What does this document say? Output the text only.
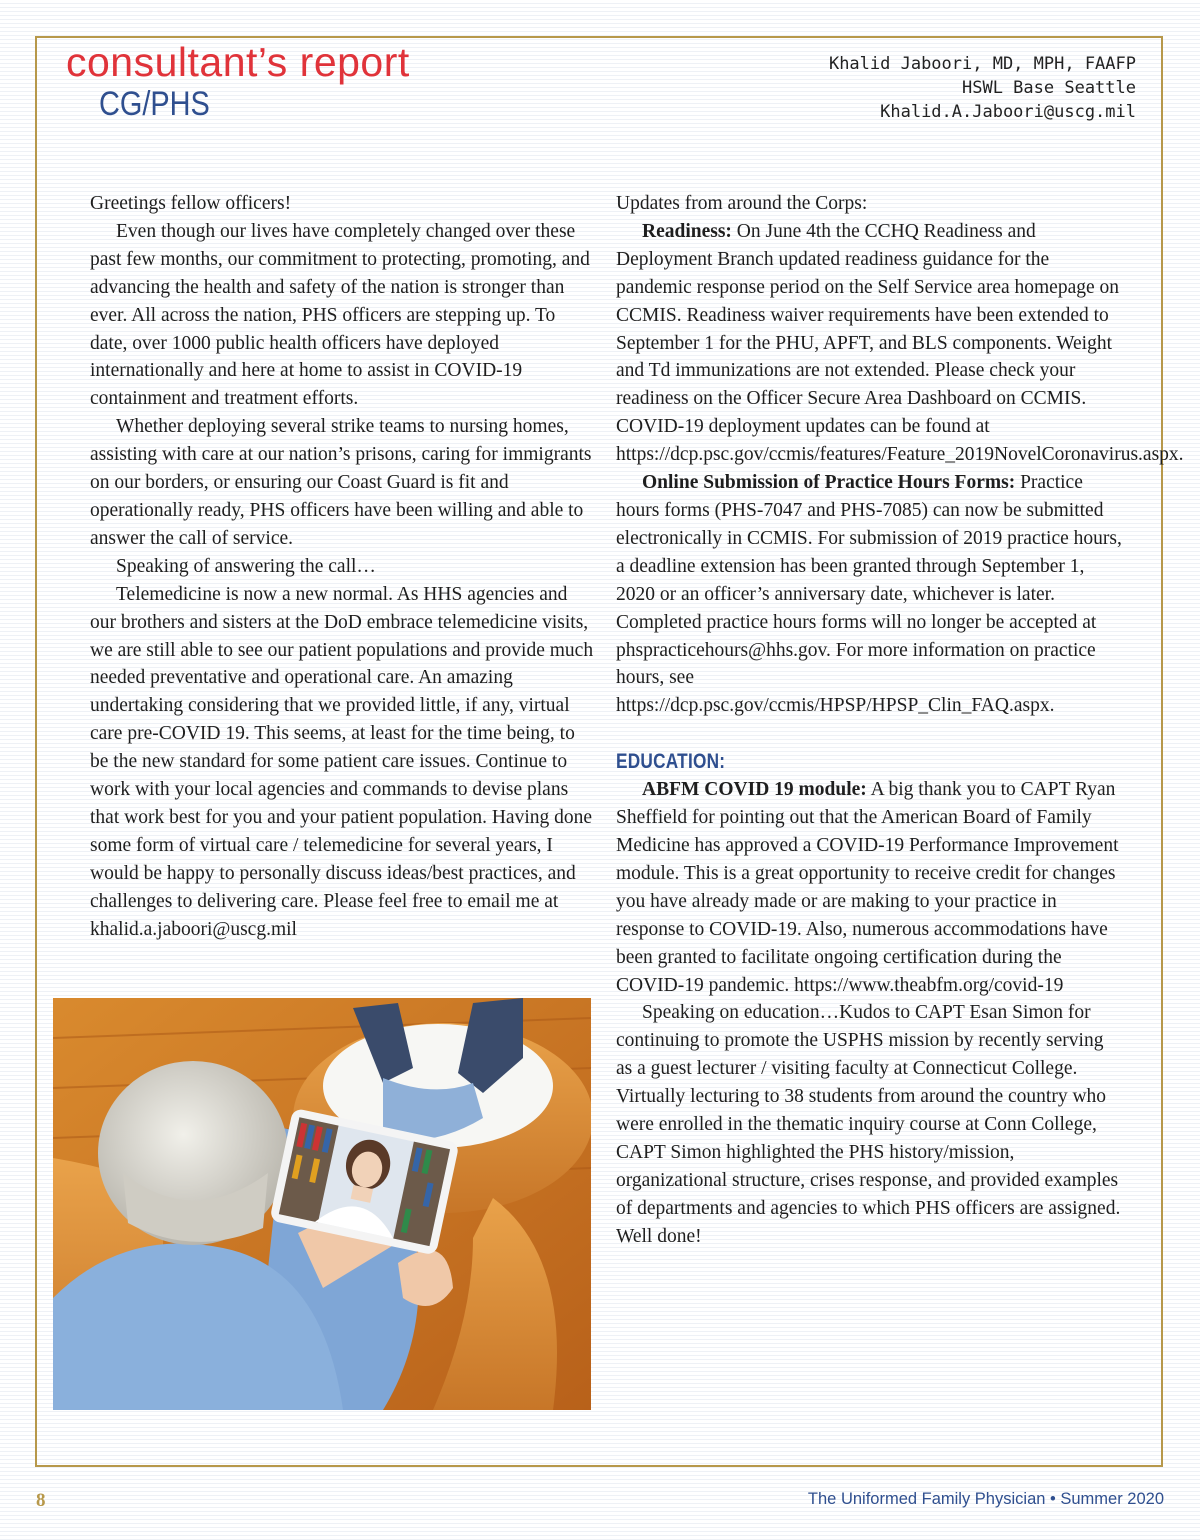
consultant’s report
CG/PHS
Khalid Jaboori, MD, MPH, FAAFP
HSWL Base Seattle
Khalid.A.Jaboori@uscg.mil

Greetings fellow officers!

Even though our lives have completely changed over these past few months, our commitment to protecting, promoting, and advancing the health and safety of the nation is stronger than ever. All across the nation, PHS officers are stepping up. To date, over 1000 public health officers have deployed internationally and here at home to assist in COVID-19 containment and treatment efforts.

Whether deploying several strike teams to nursing homes, assisting with care at our nation’s prisons, caring for immigrants on our borders, or ensuring our Coast Guard is fit and operationally ready, PHS officers have been willing and able to answer the call of service.

Speaking of answering the call…

Telemedicine is now a new normal. As HHS agencies and our brothers and sisters at the DoD embrace telemedicine visits, we are still able to see our patient populations and provide much needed preventative and operational care. An amazing undertaking considering that we provided little, if any, virtual care pre-COVID 19. This seems, at least for the time being, to be the new standard for some patient care issues. Continue to work with your local agencies and commands to devise plans that work best for you and your patient population. Having done some form of virtual care / telemedicine for several years, I would be happy to personally discuss ideas/best practices, and challenges to delivering care. Please feel free to email me at khalid.a.jaboori@uscg.mil

Updates from around the Corps:

Readiness: On June 4th the CCHQ Readiness and Deployment Branch updated readiness guidance for the pandemic response period on the Self Service area homepage on CCMIS. Readiness waiver requirements have been extended to September 1 for the PHU, APFT, and BLS components. Weight and Td immunizations are not extended. Please check your readiness on the Officer Secure Area Dashboard on CCMIS. COVID-19 deployment updates can be found at https://dcp.psc.gov/ccmis/features/Feature_2019NovelCoronavirus.aspx.

Online Submission of Practice Hours Forms: Practice hours forms (PHS-7047 and PHS-7085) can now be submitted electronically in CCMIS. For submission of 2019 practice hours, a deadline extension has been granted through September 1, 2020 or an officer’s anniversary date, whichever is later. Completed practice hours forms will no longer be accepted at phspracticehours@hhs.gov. For more information on practice hours, see https://dcp.psc.gov/ccmis/HPSP/HPSP_Clin_FAQ.aspx.

EDUCATION:

ABFM COVID 19 module: A big thank you to CAPT Ryan Sheffield for pointing out that the American Board of Family Medicine has approved a COVID-19 Performance Improvement module. This is a great opportunity to receive credit for changes you have already made or are making to your practice in response to COVID-19. Also, numerous accommodations have been granted to facilitate ongoing certification during the COVID-19 pandemic. https://www.theabfm.org/covid-19

Speaking on education…Kudos to CAPT Esan Simon for continuing to promote the USPHS mission by recently serving as a guest lecturer / visiting faculty at Connecticut College. Virtually lecturing to 38 students from around the country who were enrolled in the thematic inquiry course at Conn College, CAPT Simon highlighted the PHS history/mission, organizational structure, crises response, and provided examples of departments and agencies to which PHS officers are assigned. Well done!

8	The Uniformed Family Physician • Summer 2020
